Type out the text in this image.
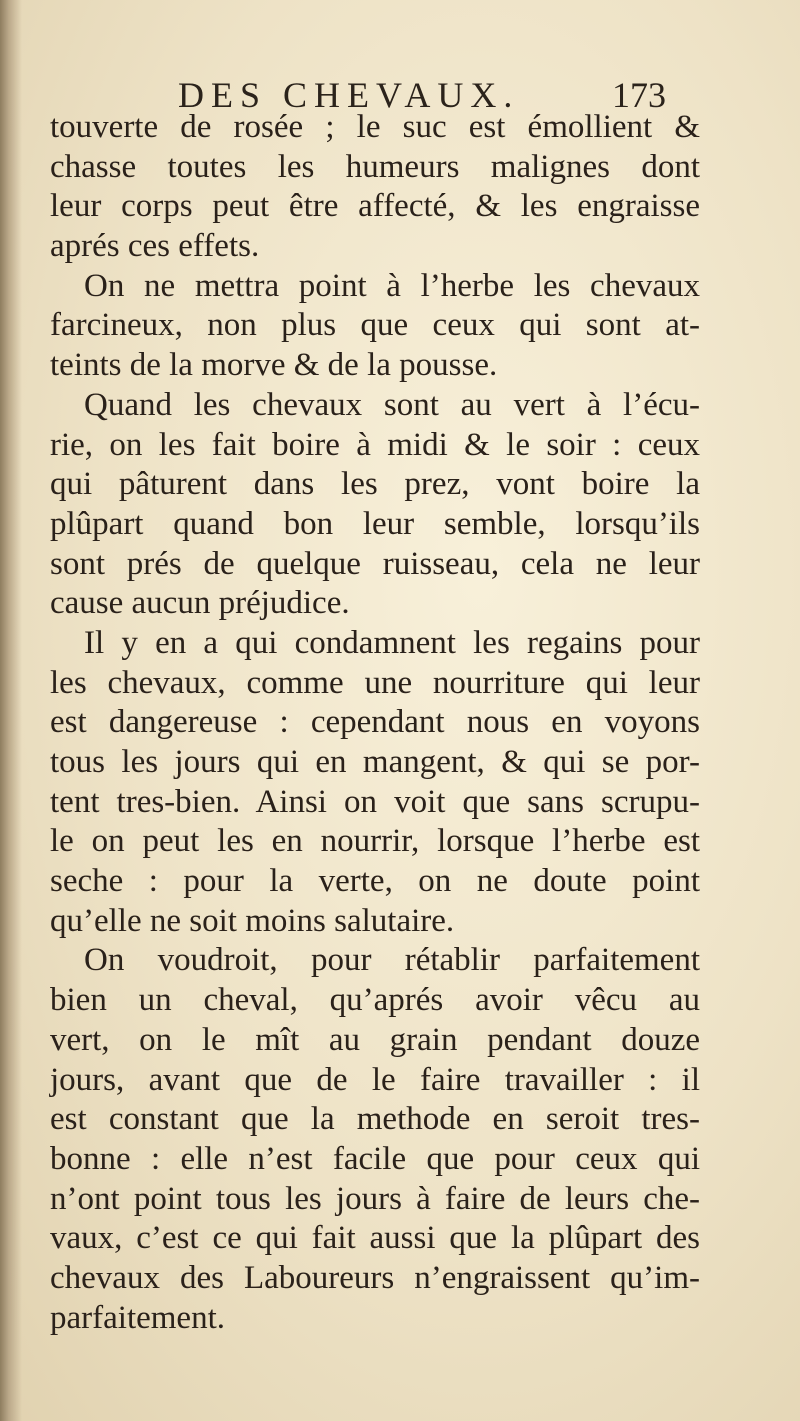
DES CHEVAUX.	173
touverte de rosée ; le suc est émollient &
chasse toutes les humeurs malignes dont
leur corps peut être affecté, & les engraisse
aprés ces effets.
On ne mettra point à l’herbe les chevaux
farcineux, non plus que ceux qui sont at-
teints de la morve & de la pousse.
Quand les chevaux sont au vert à l’écu-
rie, on les fait boire à midi & le soir : ceux
qui pâturent dans les prez, vont boire la
plûpart quand bon leur semble, lorsqu’ils
sont prés de quelque ruisseau, cela ne leur
cause aucun préjudice.
Il y en a qui condamnent les regains pour
les chevaux, comme une nourriture qui leur
est dangereuse : cependant nous en voyons
tous les jours qui en mangent, & qui se por-
tent tres-bien. Ainsi on voit que sans scrupu-
le on peut les en nourrir, lorsque l’herbe est
seche : pour la verte, on ne doute point
qu’elle ne soit moins salutaire.
On voudroit, pour rétablir parfaitement
bien un cheval, qu’aprés avoir vêcu au
vert, on le mît au grain pendant douze
jours, avant que de le faire travailler : il
est constant que la methode en seroit tres-
bonne : elle n’est facile que pour ceux qui
n’ont point tous les jours à faire de leurs che-
vaux, c’est ce qui fait aussi que la plûpart des
chevaux des Laboureurs n’engraissent qu’im-
parfaitement.
